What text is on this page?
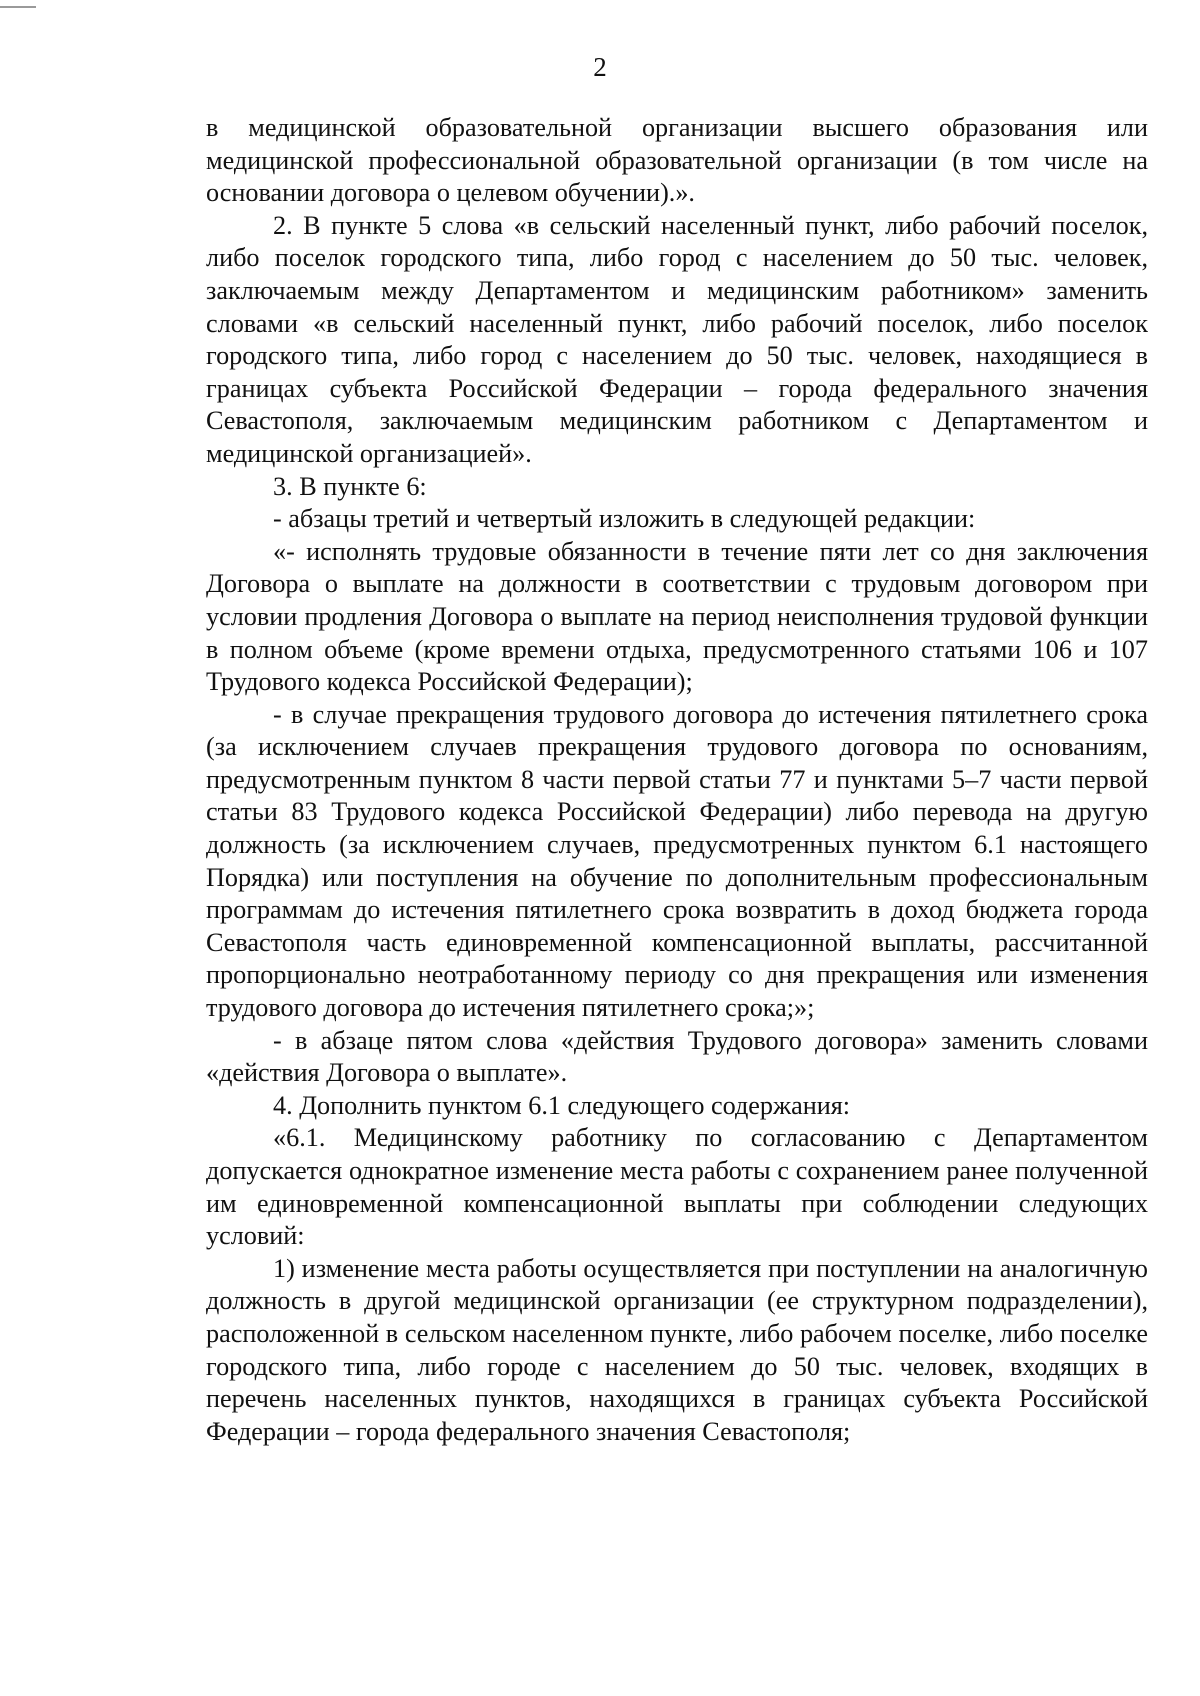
2

в медицинской образовательной организации высшего образования или медицинской профессиональной образовательной организации (в том числе на основании договора о целевом обучении).».

2. В пункте 5 слова «в сельский населенный пункт, либо рабочий поселок, либо поселок городского типа, либо город с населением до 50 тыс. человек, заключаемым между Департаментом и медицинским работником» заменить словами «в сельский населенный пункт, либо рабочий поселок, либо поселок городского типа, либо город с населением до 50 тыс. человек, находящиеся в границах субъекта Российской Федерации – города федерального значения Севастополя, заключаемым медицинским работником с Департаментом и медицинской организацией».

3. В пункте 6:

- абзацы третий и четвертый изложить в следующей редакции:

«- исполнять трудовые обязанности в течение пяти лет со дня заключения Договора о выплате на должности в соответствии с трудовым договором при условии продления Договора о выплате на период неисполнения трудовой функции в полном объеме (кроме времени отдыха, предусмотренного статьями 106 и 107 Трудового кодекса Российской Федерации);

- в случае прекращения трудового договора до истечения пятилетнего срока (за исключением случаев прекращения трудового договора по основаниям, предусмотренным пунктом 8 части первой статьи 77 и пунктами 5–7 части первой статьи 83 Трудового кодекса Российской Федерации) либо перевода на другую должность (за исключением случаев, предусмотренных пунктом 6.1 настоящего Порядка) или поступления на обучение по дополнительным профессиональным программам до истечения пятилетнего срока возвратить в доход бюджета города Севастополя часть единовременной компенсационной выплаты, рассчитанной пропорционально неотработанному периоду со дня прекращения или изменения трудового договора до истечения пятилетнего срока;»;

- в абзаце пятом слова «действия Трудового договора» заменить словами «действия Договора о выплате».

4. Дополнить пунктом 6.1 следующего содержания:

«6.1. Медицинскому работнику по согласованию с Департаментом допускается однократное изменение места работы с сохранением ранее полученной им единовременной компенсационной выплаты при соблюдении следующих условий:

1) изменение места работы осуществляется при поступлении на аналогичную должность в другой медицинской организации (ее структурном подразделении), расположенной в сельском населенном пункте, либо рабочем поселке, либо поселке городского типа, либо городе с населением до 50 тыс. человек, входящих в перечень населенных пунктов, находящихся в границах субъекта Российской Федерации – города федерального значения Севастополя;
